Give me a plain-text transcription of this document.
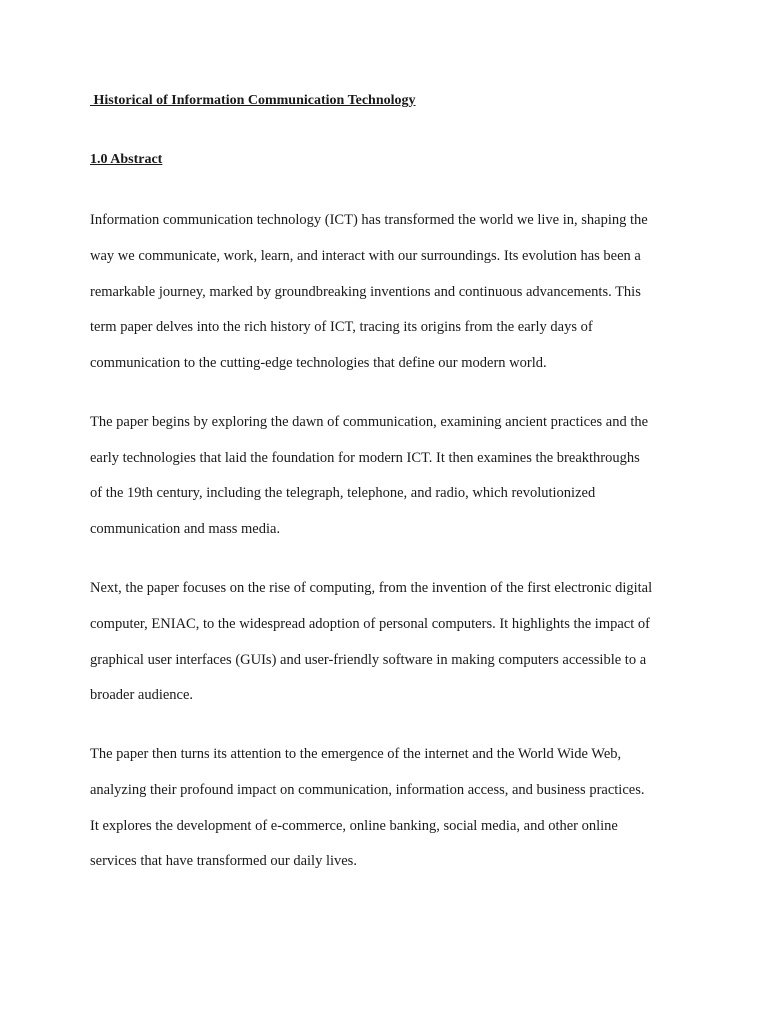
Historical of Information Communication Technology

1.0 Abstract

Information communication technology (ICT) has transformed the world we live in, shaping the

way we communicate, work, learn, and interact with our surroundings. Its evolution has been a

remarkable journey, marked by groundbreaking inventions and continuous advancements. This

term paper delves into the rich history of ICT, tracing its origins from the early days of

communication to the cutting-edge technologies that define our modern world.

The paper begins by exploring the dawn of communication, examining ancient practices and the

early technologies that laid the foundation for modern ICT. It then examines the breakthroughs

of the 19th century, including the telegraph, telephone, and radio, which revolutionized

communication and mass media.

Next, the paper focuses on the rise of computing, from the invention of the first electronic digital

computer, ENIAC, to the widespread adoption of personal computers. It highlights the impact of

graphical user interfaces (GUIs) and user-friendly software in making computers accessible to a

broader audience.

The paper then turns its attention to the emergence of the internet and the World Wide Web,

analyzing their profound impact on communication, information access, and business practices.

It explores the development of e-commerce, online banking, social media, and other online

services that have transformed our daily lives.
